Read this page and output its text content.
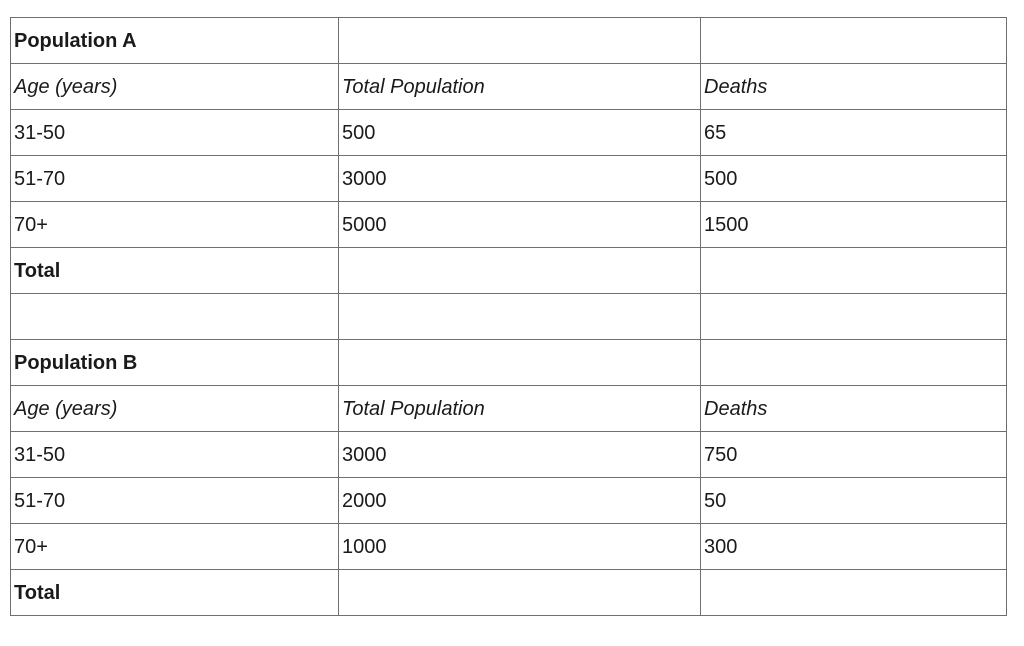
Population A		
Age (years)	Total Population	Deaths
31-50	500	65
51-70	3000	500
70+	5000	1500
Total		

Population B		
Age (years)	Total Population	Deaths
31-50	3000	750
51-70	2000	50
70+	1000	300
Total		
